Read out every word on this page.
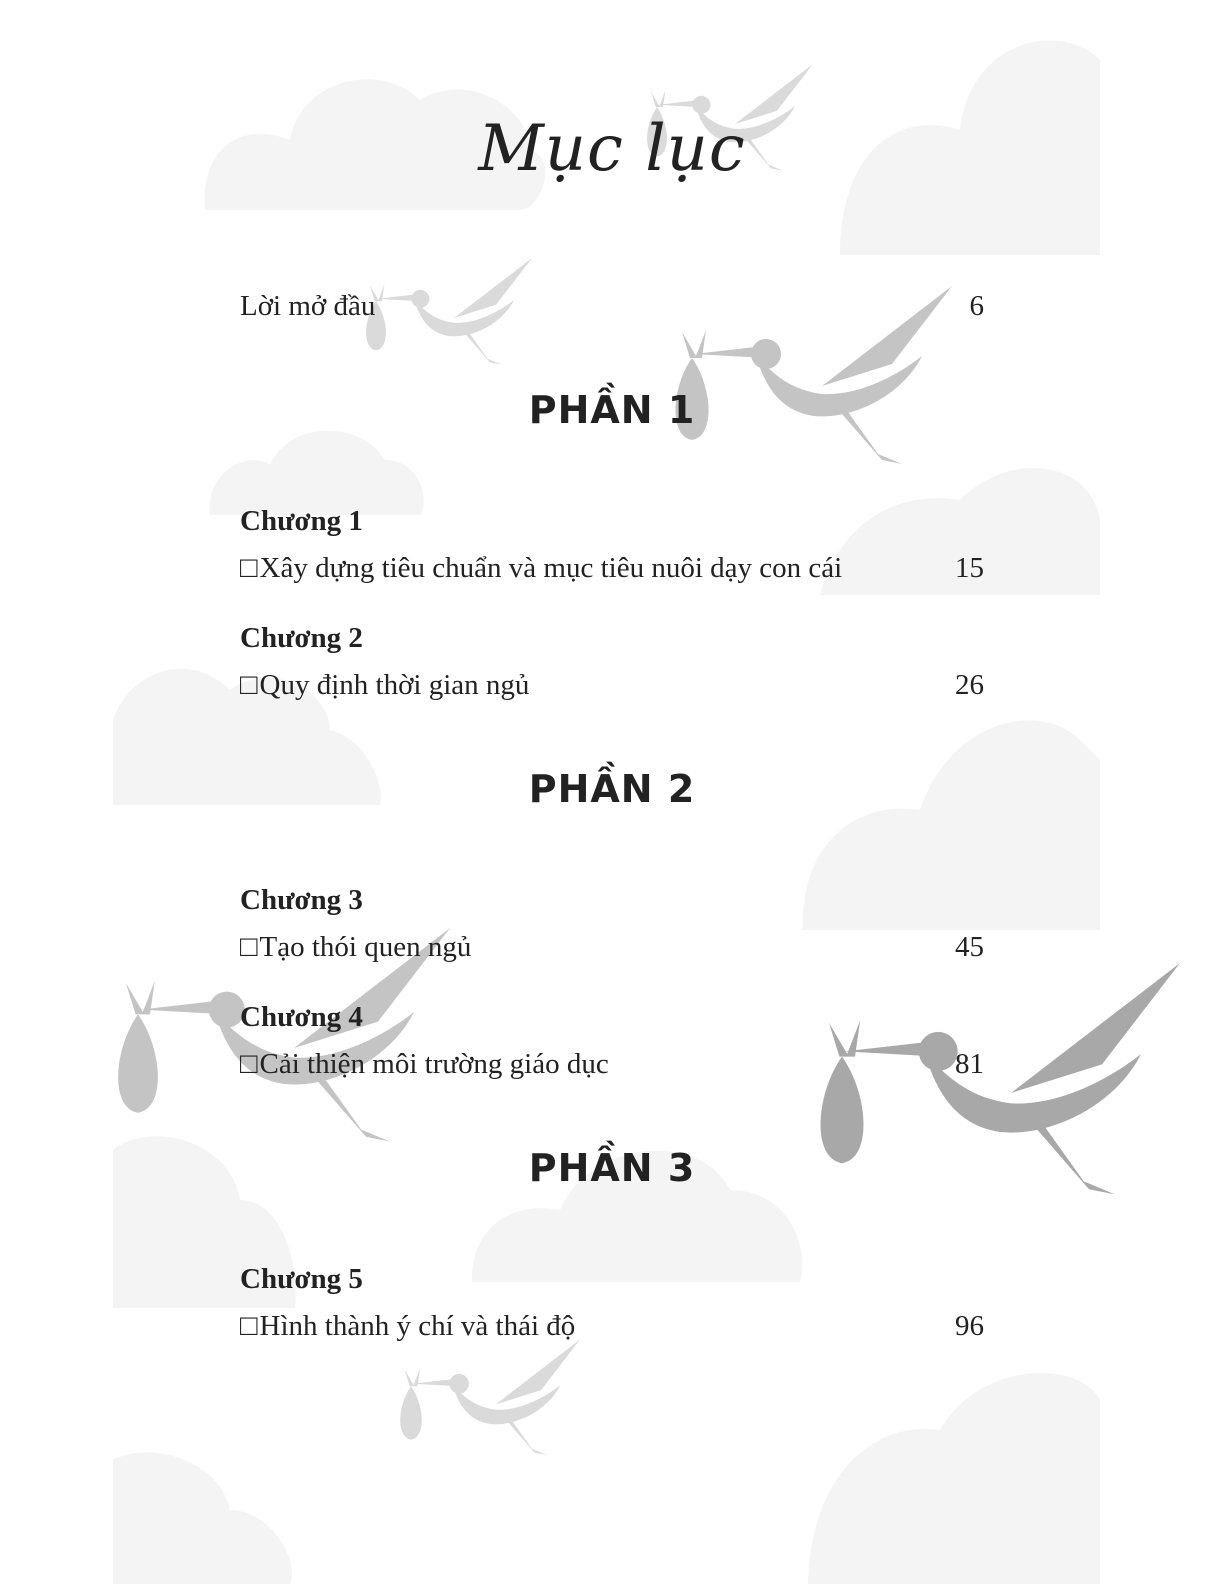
Mục lục
Lời mở đầu	6
PHẦN 1
Chương 1
□Xây dựng tiêu chuẩn và mục tiêu nuôi dạy con cái	15
Chương 2
□Quy định thời gian ngủ	26
PHẦN 2
Chương 3
□Tạo thói quen ngủ	45
Chương 4
□Cải thiện môi trường giáo dục	81
PHẦN 3
Chương 5
□Hình thành ý chí và thái độ	96
